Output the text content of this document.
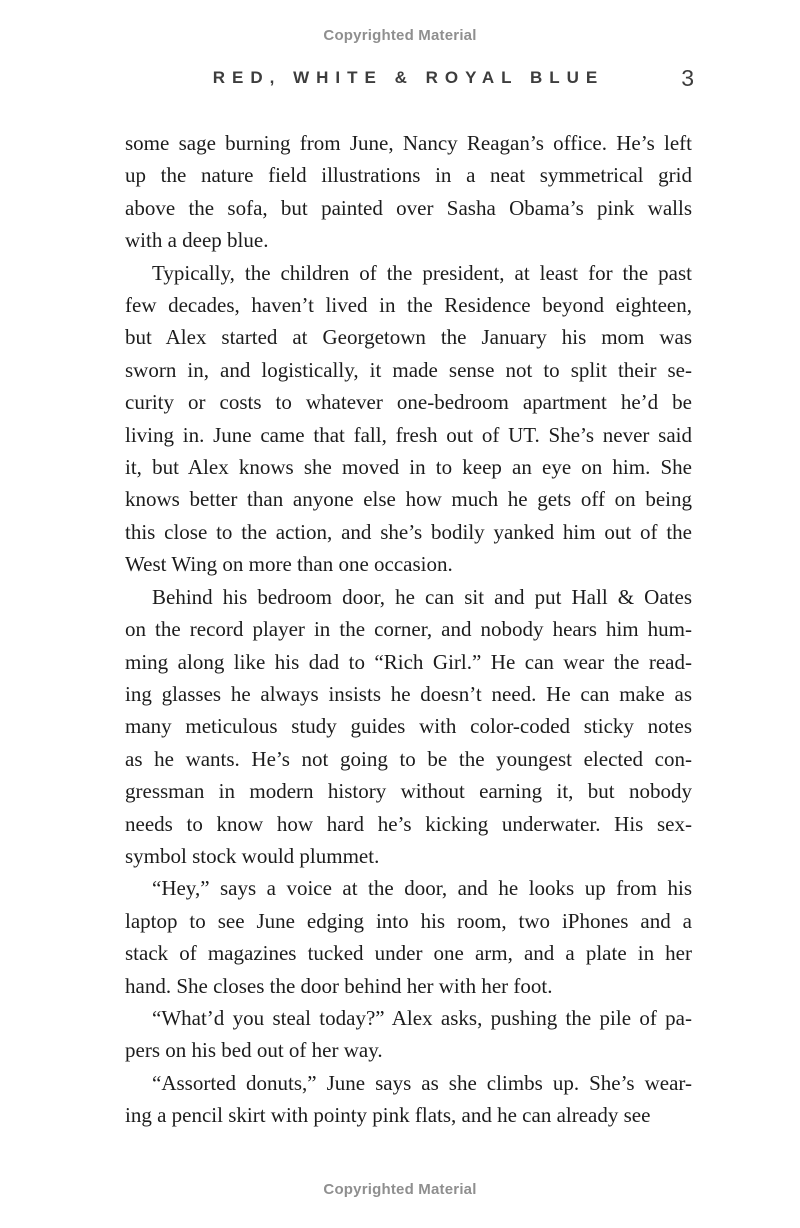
Copyrighted Material
RED, WHITE & ROYAL BLUE	3
some sage burning from June, Nancy Reagan’s office. He’s left
up the nature field illustrations in a neat symmetrical grid
above the sofa, but painted over Sasha Obama’s pink walls
with a deep blue.
Typically, the children of the president, at least for the past
few decades, haven’t lived in the Residence beyond eighteen,
but Alex started at Georgetown the January his mom was
sworn in, and logistically, it made sense not to split their se-
curity or costs to whatever one-bedroom apartment he’d be
living in. June came that fall, fresh out of UT. She’s never said
it, but Alex knows she moved in to keep an eye on him. She
knows better than anyone else how much he gets off on being
this close to the action, and she’s bodily yanked him out of the
West Wing on more than one occasion.
Behind his bedroom door, he can sit and put Hall & Oates
on the record player in the corner, and nobody hears him hum-
ming along like his dad to “Rich Girl.” He can wear the read-
ing glasses he always insists he doesn’t need. He can make as
many meticulous study guides with color-coded sticky notes
as he wants. He’s not going to be the youngest elected con-
gressman in modern history without earning it, but nobody
needs to know how hard he’s kicking underwater. His sex-
symbol stock would plummet.
“Hey,” says a voice at the door, and he looks up from his
laptop to see June edging into his room, two iPhones and a
stack of magazines tucked under one arm, and a plate in her
hand. She closes the door behind her with her foot.
“What’d you steal today?” Alex asks, pushing the pile of pa-
pers on his bed out of her way.
“Assorted donuts,” June says as she climbs up. She’s wear-
ing a pencil skirt with pointy pink flats, and he can already see
Copyrighted Material
